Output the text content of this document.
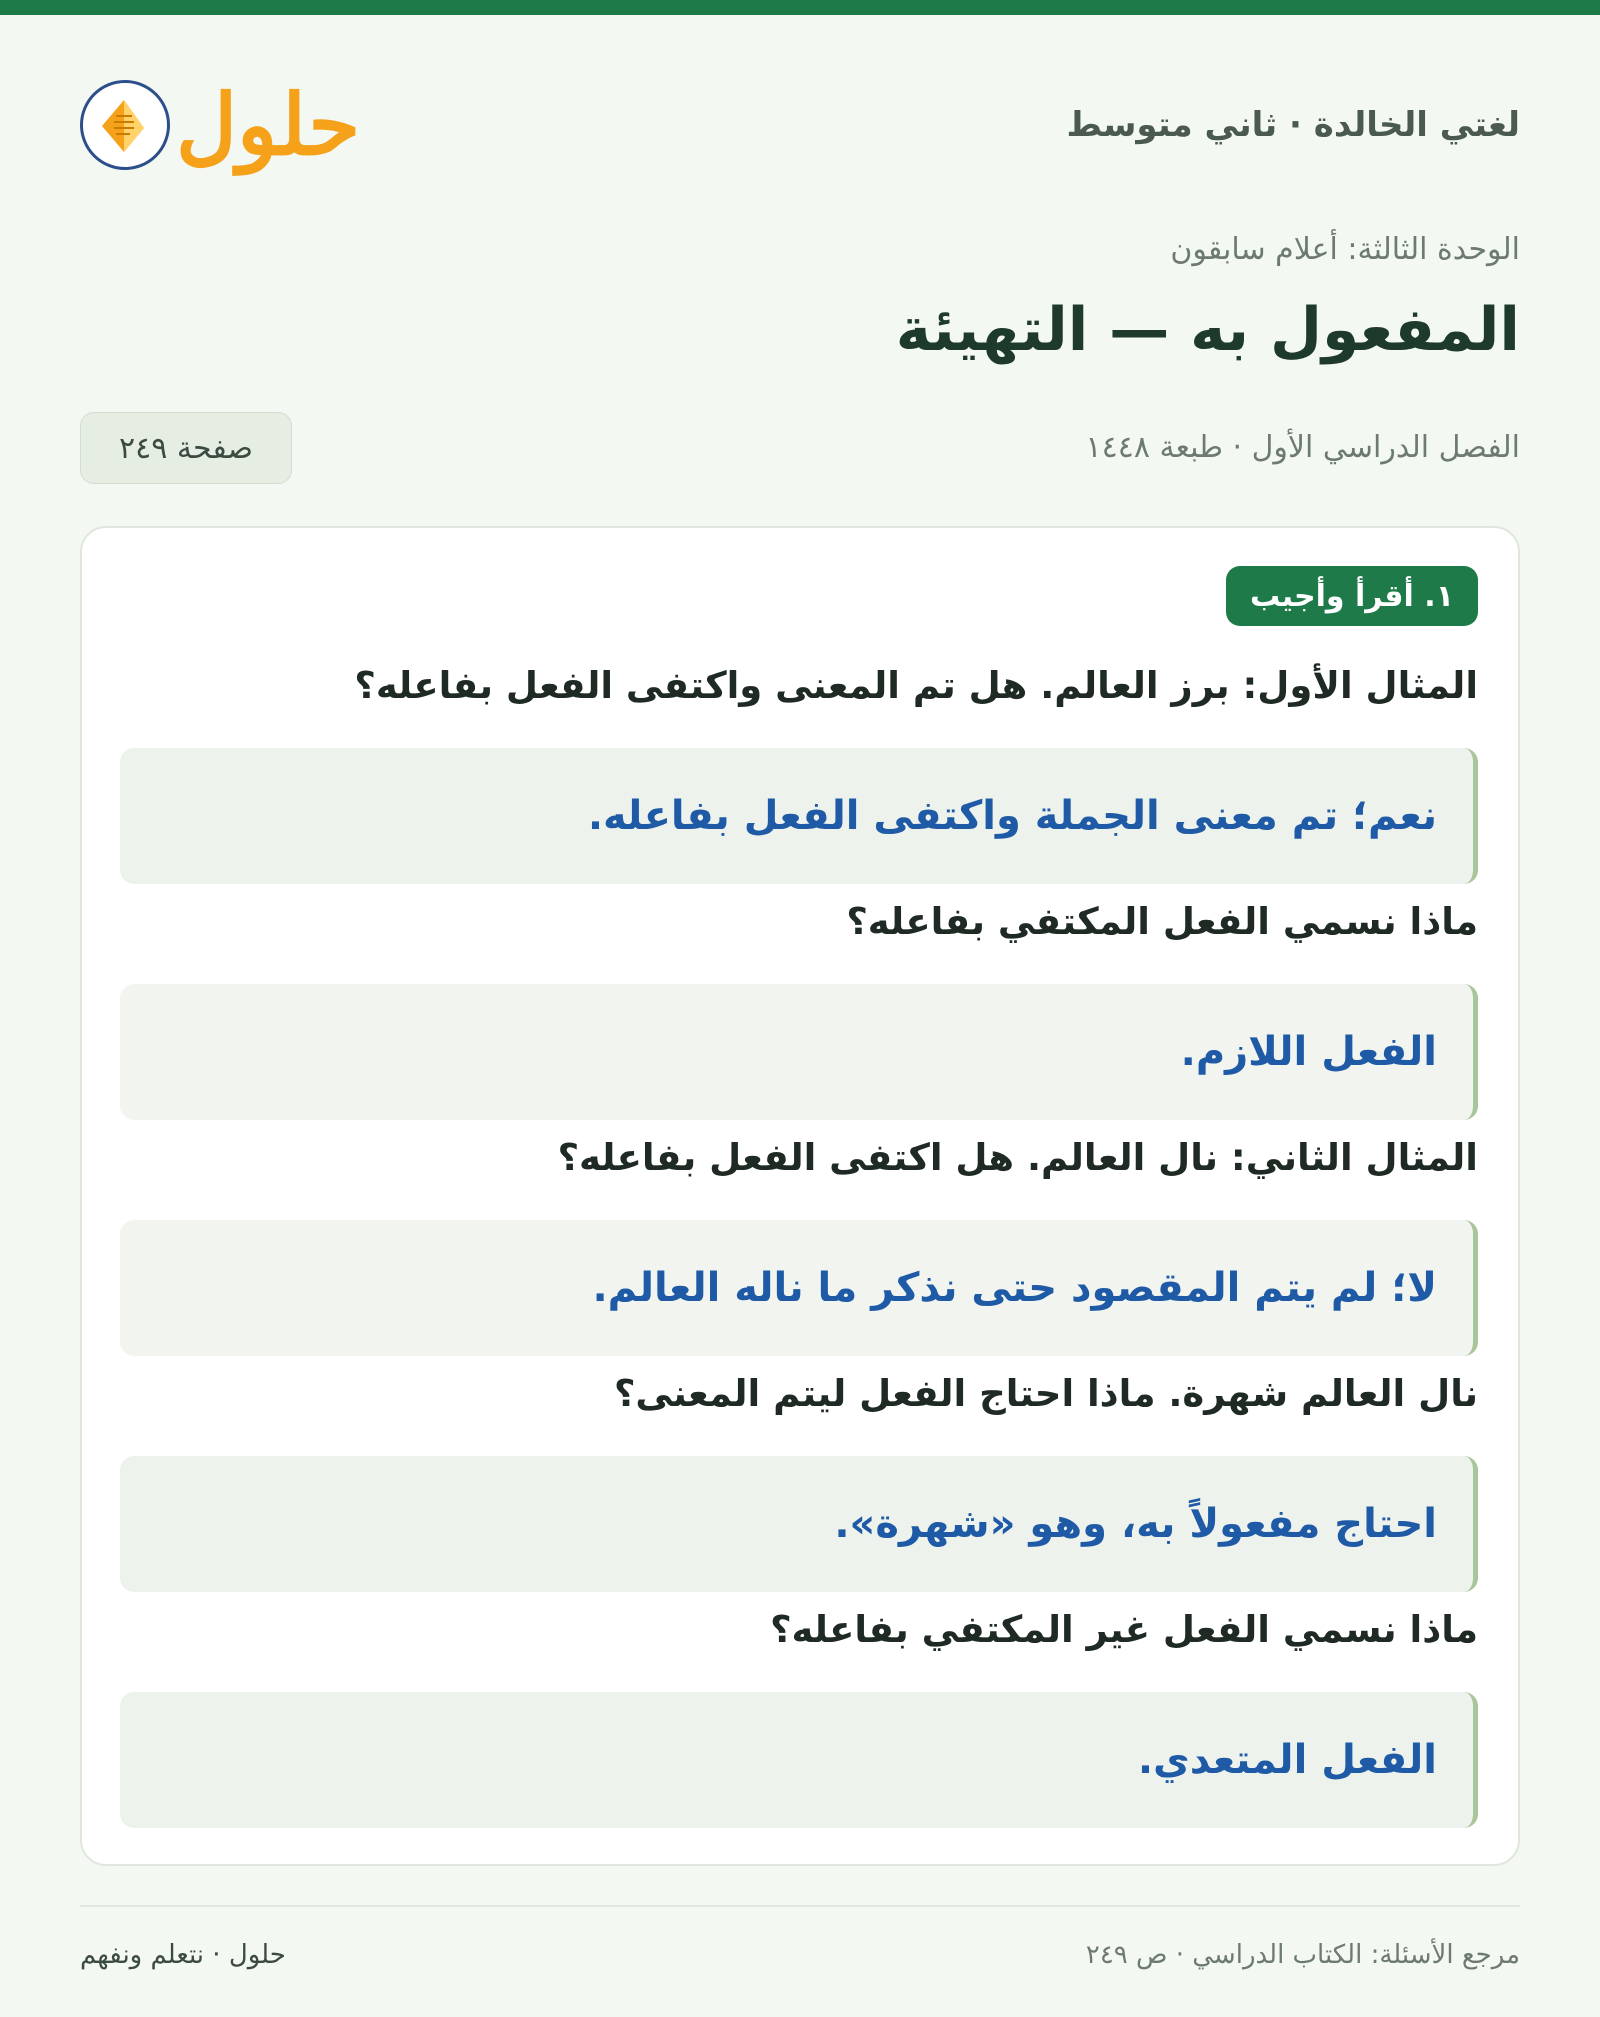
لغتي الخالدة · ثاني متوسط
حلول
الوحدة الثالثة: أعلام سابقون
المفعول به — التهيئة
الفصل الدراسي الأول · طبعة ١٤٤٨
صفحة ٢٤٩
١. أقرأ وأجيب
المثال الأول: برز العالم. هل تم المعنى واكتفى الفعل بفاعله؟
نعم؛ تم معنى الجملة واكتفى الفعل بفاعله.
ماذا نسمي الفعل المكتفي بفاعله؟
الفعل اللازم.
المثال الثاني: نال العالم. هل اكتفى الفعل بفاعله؟
لا؛ لم يتم المقصود حتى نذكر ما ناله العالم.
نال العالم شهرة. ماذا احتاج الفعل ليتم المعنى؟
احتاج مفعولاً به، وهو «شهرة».
ماذا نسمي الفعل غير المكتفي بفاعله؟
الفعل المتعدي.
مرجع الأسئلة: الكتاب الدراسي · ص ٢٤٩
حلول · نتعلم ونفهم
